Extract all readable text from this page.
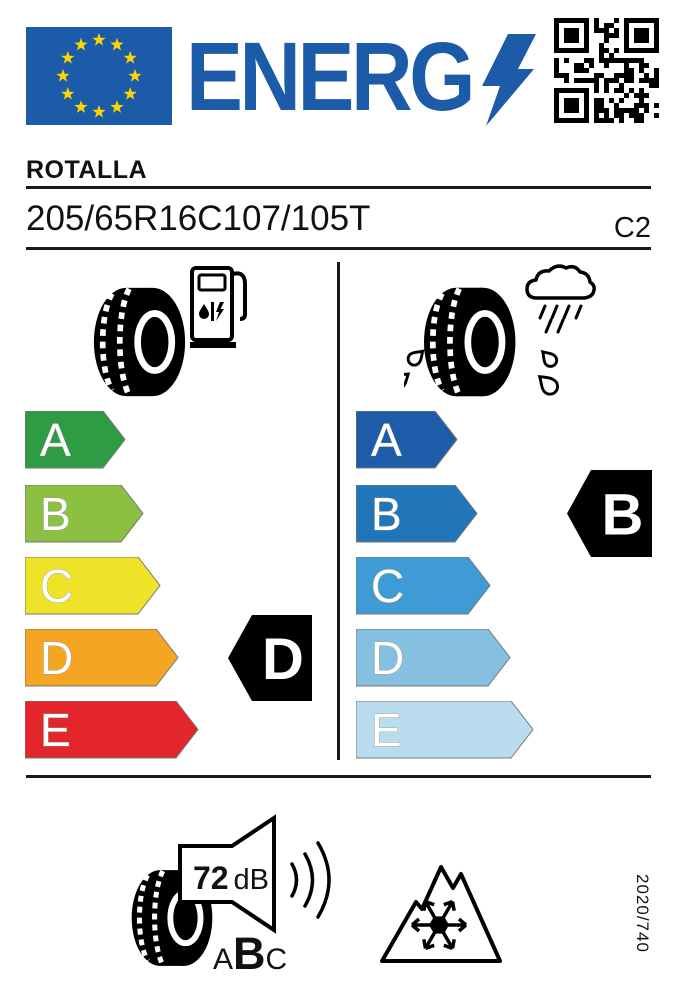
ENERG
ROTALLA
205/65R16C107/105T	C2
A
B
C
D
E
D
A
B
C
D
E
B
72 dB
A B C
2020/740
